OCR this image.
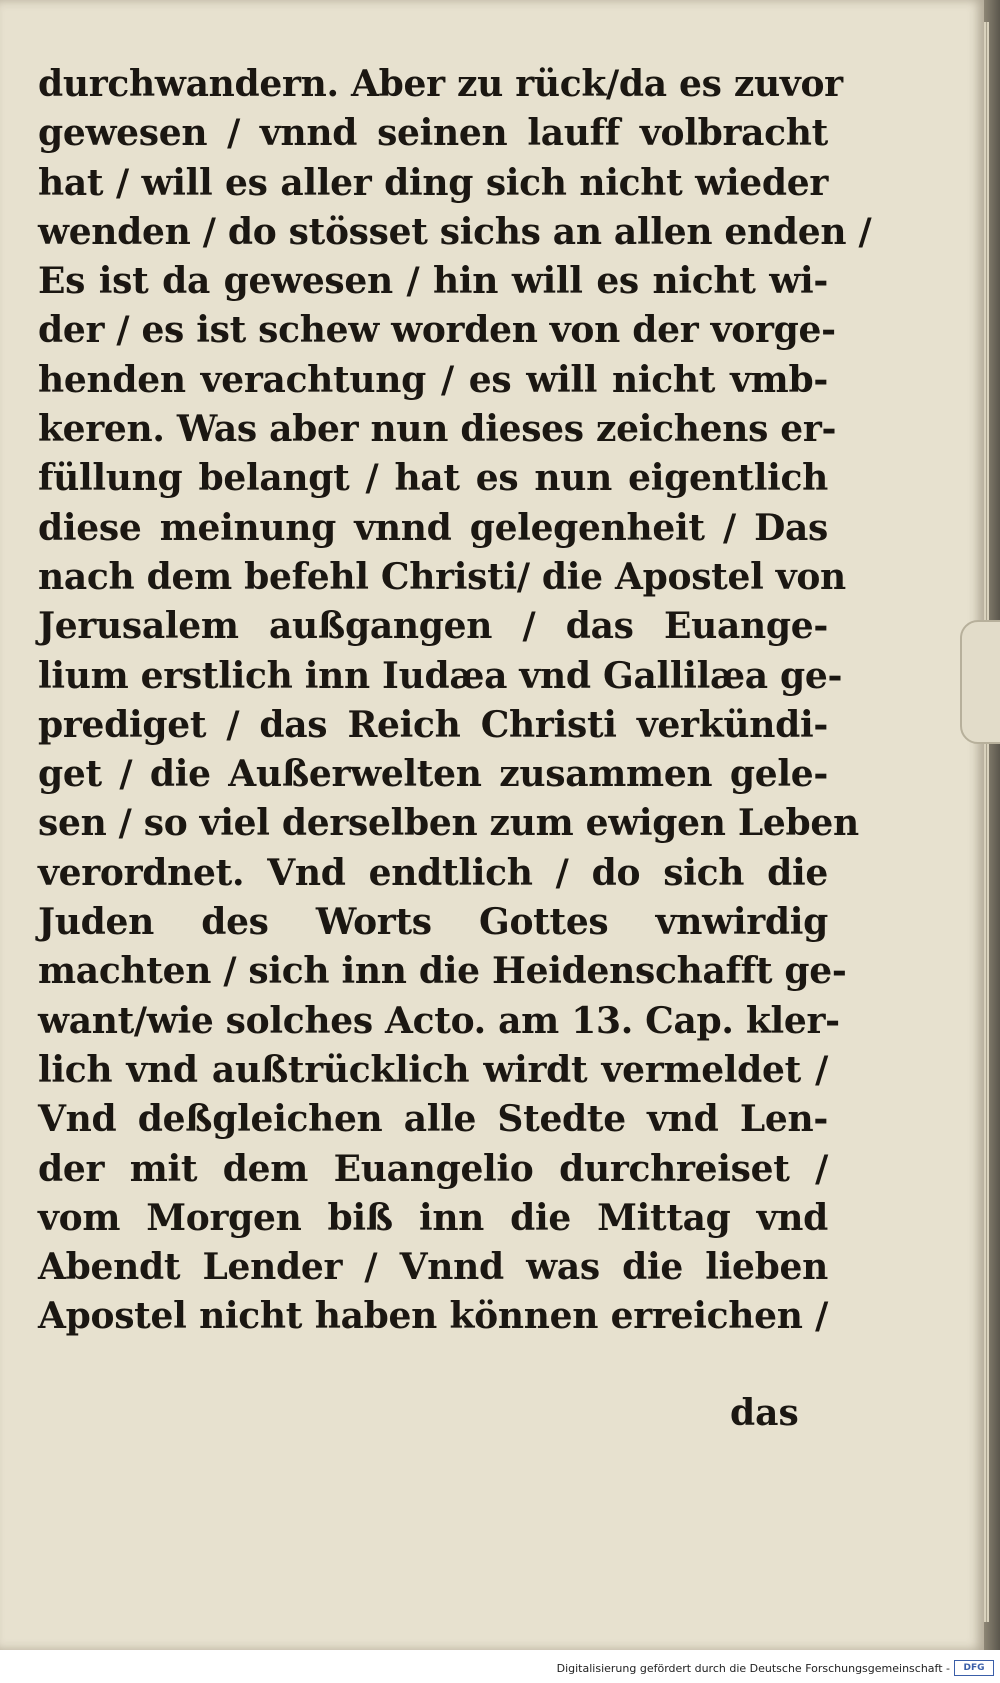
durchwandern. Aber zu rück/da es zuvor
gewesen / vnnd seinen lauff volbracht
hat / will es aller ding sich nicht wieder
wenden / do stösset sichs an allen enden /
Es ist da gewesen / hin will es nicht wi-
der / es ist schew worden von der vorge-
henden verachtung / es will nicht vmb-
keren. Was aber nun dieses zeichens er-
füllung belangt / hat es nun eigentlich
diese meinung vnnd gelegenheit / Das
nach dem befehl Christi/ die Apostel von
Jerusalem außgangen / das Euange-
lium erstlich inn Iudæa vnd Gallilæa ge-
prediget / das Reich Christi verkündi-
get / die Außerwelten zusammen gele-
sen / so viel derselben zum ewigen Leben
verordnet. Vnd endtlich / do sich die
Juden des Worts Gottes vnwirdig
machten / sich inn die Heidenschafft ge-
want/wie solches Acto. am 13. Cap. kler-
lich vnd außtrücklich wirdt vermeldet /
Vnd deßgleichen alle Stedte vnd Len-
der mit dem Euangelio durchreiset /
vom Morgen biß inn die Mittag vnd
Abendt Lender / Vnnd was die lieben
Apostel nicht haben können erreichen /
das
Digitalisierung gefördert durch die Deutsche Forschungsgemeinschaft -	DFG
